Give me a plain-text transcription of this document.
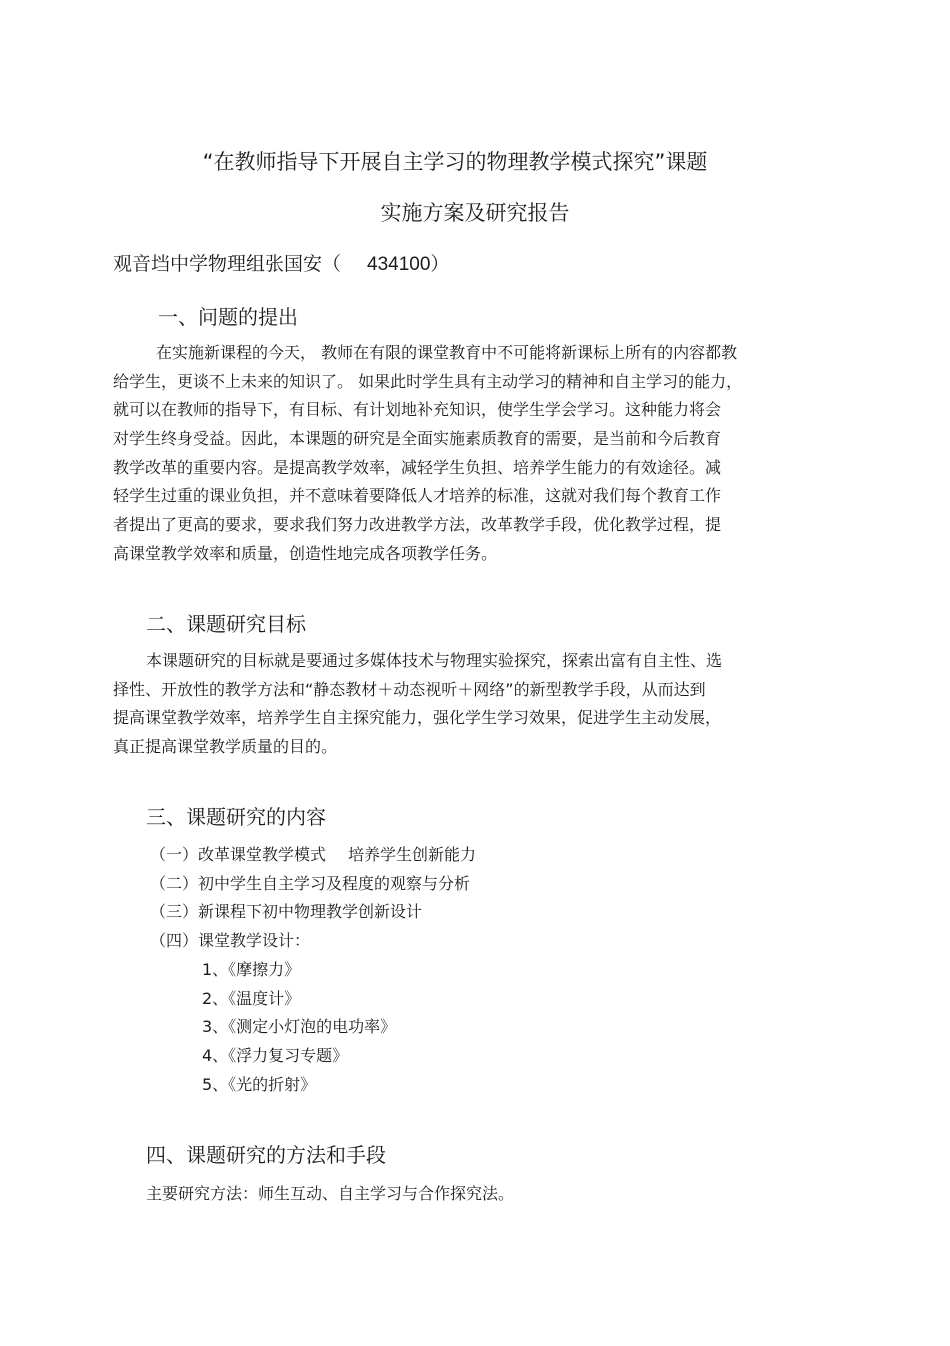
“在教师指导下开展自主学习的物理教学模式探究”课题
实施方案及研究报告
观音垱中学物理组张国安（ 434100）
一、问题的提出
在实施新课程的今天， 教师在有限的课堂教育中不可能将新课标上所有的内容都教
给学生，更谈不上未来的知识了。 如果此时学生具有主动学习的精神和自主学习的能力，
就可以在教师的指导下，有目标、有计划地补充知识，使学生学会学习。这种能力将会
对学生终身受益。因此，本课题的研究是全面实施素质教育的需要，是当前和今后教育
教学改革的重要内容。是提高教学效率，减轻学生负担、培养学生能力的有效途径。减
轻学生过重的课业负担，并不意味着要降低人才培养的标准，这就对我们每个教育工作
者提出了更高的要求，要求我们努力改进教学方法，改革教学手段，优化教学过程，提
高课堂教学效率和质量，创造性地完成各项教学任务。
二、课题研究目标
本课题研究的目标就是要通过多媒体技术与物理实验探究，探索出富有自主性、选
择性、开放性的教学方法和“静态教材＋动态视听＋网络”的新型教学手段，从而达到
提高课堂教学效率，培养学生自主探究能力，强化学生学习效果，促进学生主动发展，
真正提高课堂教学质量的目的。
三、课题研究的内容
（一）改革课堂教学模式 培养学生创新能力
（二）初中学生自主学习及程度的观察与分析
（三）新课程下初中物理教学创新设计
（四）课堂教学设计：
1、《摩擦力》
2、《温度计》
3、《测定小灯泡的电功率》
4、《浮力复习专题》
5、《光的折射》
四、课题研究的方法和手段
主要研究方法：师生互动、自主学习与合作探究法。
